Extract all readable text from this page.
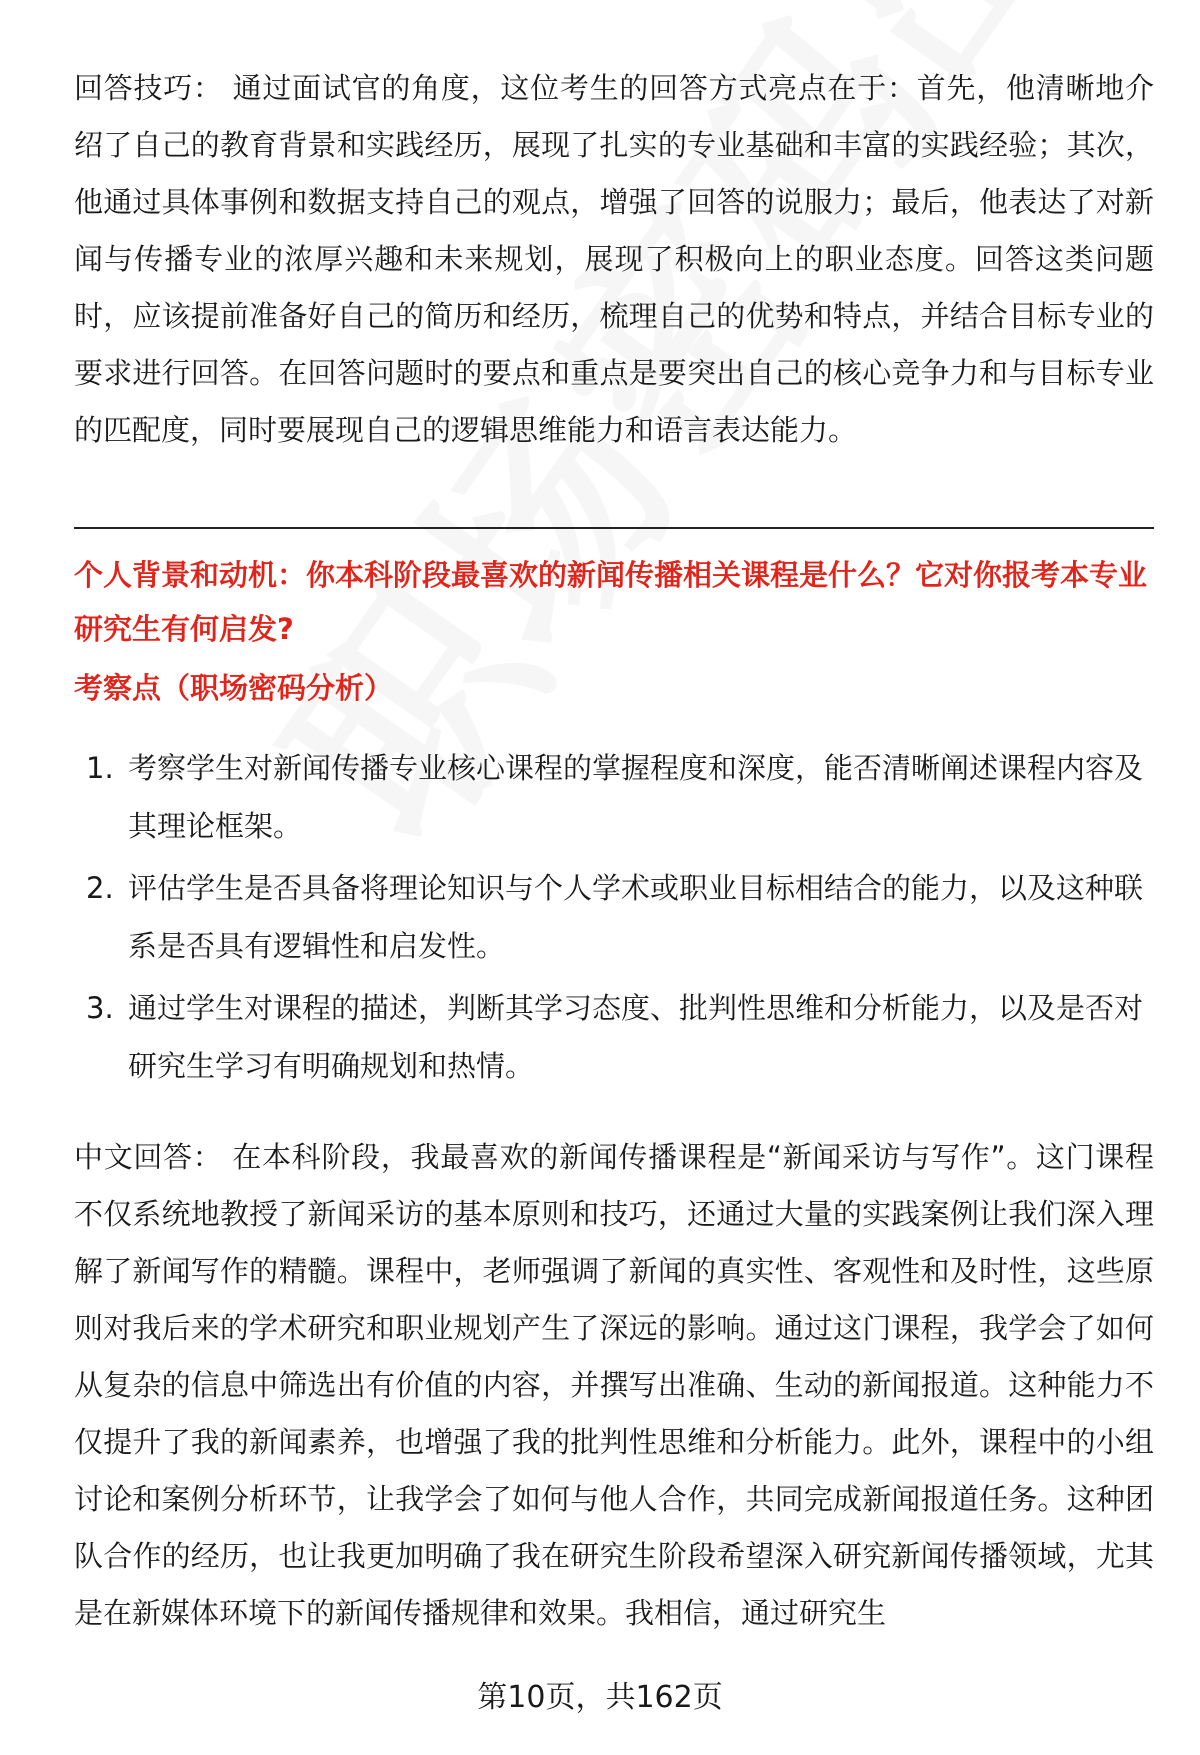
回答技巧： 通过面试官的角度，这位考生的回答方式亮点在于：首先，他清晰地介绍了自己的教育背景和实践经历，展现了扎实的专业基础和丰富的实践经验；其次，他通过具体事例和数据支持自己的观点，增强了回答的说服力；最后，他表达了对新闻与传播专业的浓厚兴趣和未来规划，展现了积极向上的职业态度。回答这类问题时，应该提前准备好自己的简历和经历，梳理自己的优势和特点，并结合目标专业的要求进行回答。在回答问题时的要点和重点是要突出自己的核心竞争力和与目标专业的匹配度，同时要展现自己的逻辑思维能力和语言表达能力。

个人背景和动机：你本科阶段最喜欢的新闻传播相关课程是什么？它对你报考本专业研究生有何启发?
考察点（职场密码分析）
1. 考察学生对新闻传播专业核心课程的掌握程度和深度，能否清晰阐述课程内容及其理论框架。
2. 评估学生是否具备将理论知识与个人学术或职业目标相结合的能力，以及这种联系是否具有逻辑性和启发性。
3. 通过学生对课程的描述，判断其学习态度、批判性思维和分析能力，以及是否对研究生学习有明确规划和热情。

中文回答： 在本科阶段，我最喜欢的新闻传播课程是“新闻采访与写作”。这门课程不仅系统地教授了新闻采访的基本原则和技巧，还通过大量的实践案例让我们深入理解了新闻写作的精髓。课程中，老师强调了新闻的真实性、客观性和及时性，这些原则对我后来的学术研究和职业规划产生了深远的影响。通过这门课程，我学会了如何从复杂的信息中筛选出有价值的内容，并撰写出准确、生动的新闻报道。这种能力不仅提升了我的新闻素养，也增强了我的批判性思维和分析能力。此外，课程中的小组讨论和案例分析环节，让我学会了如何与他人合作，共同完成新闻报道任务。这种团队合作的经历，也让我更加明确了我在研究生阶段希望深入研究新闻传播领域，尤其是在新媒体环境下的新闻传播规律和效果。我相信，通过研究生

第10页，共162页
